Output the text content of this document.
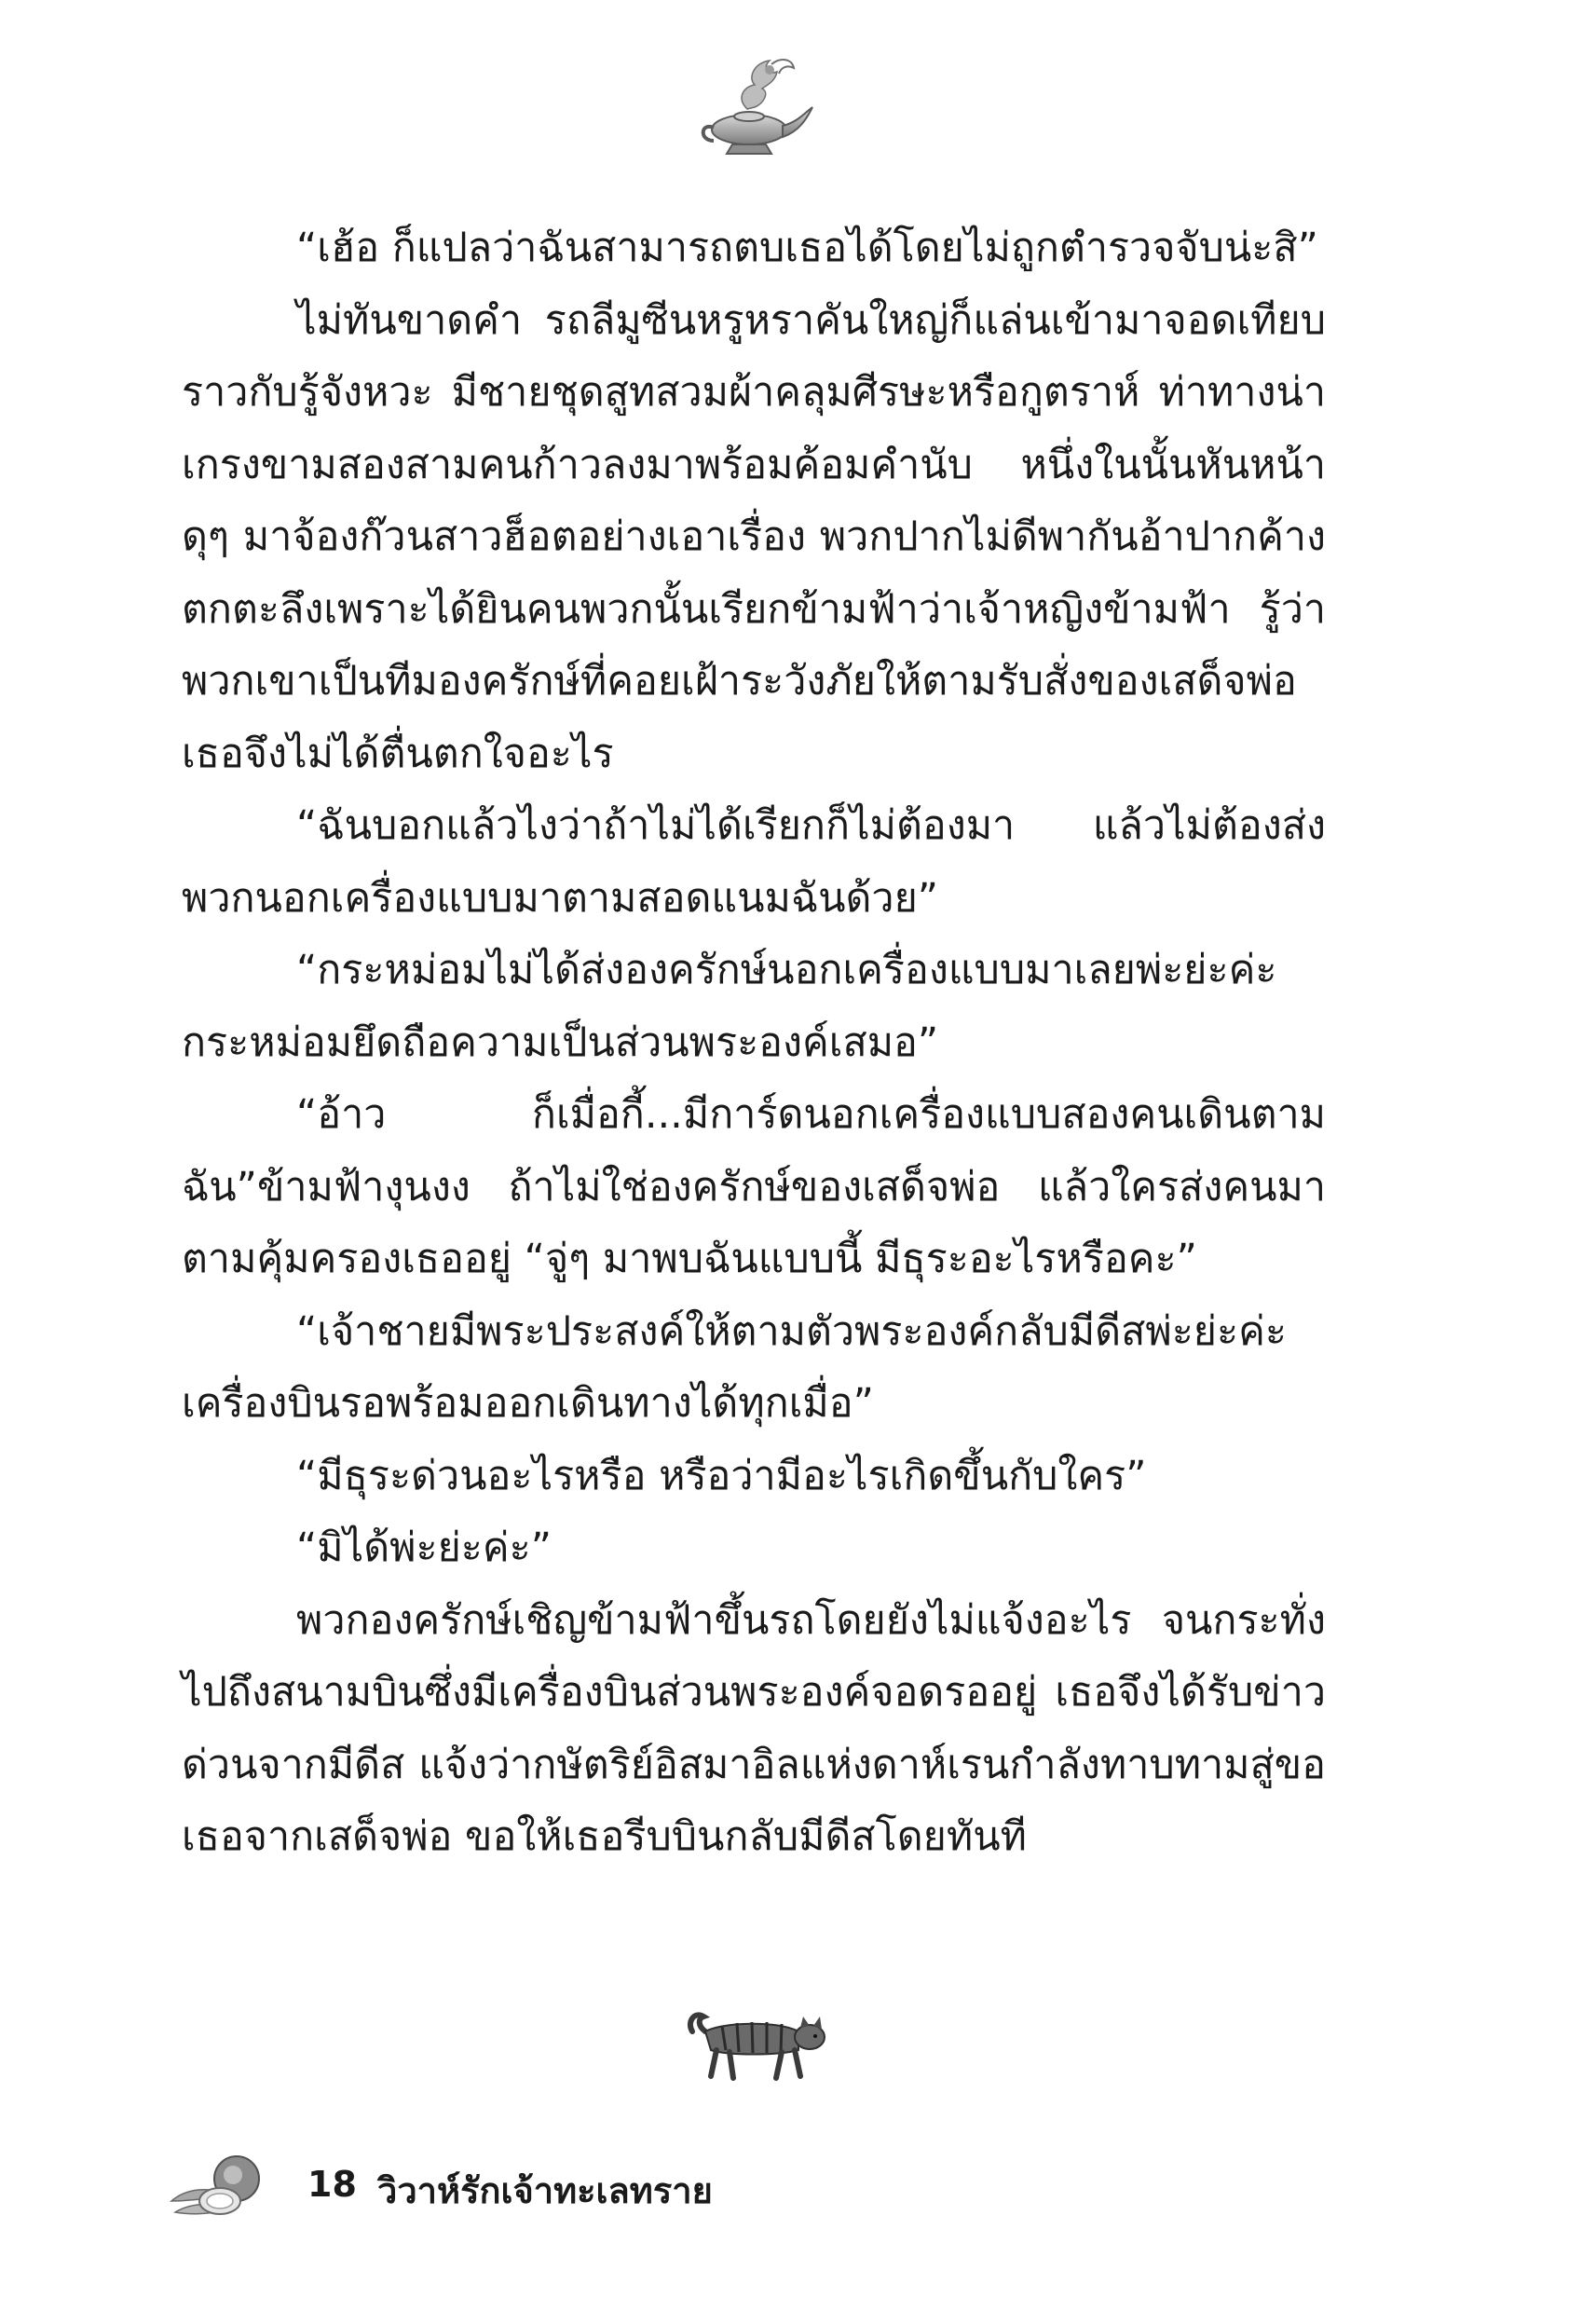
“เฮ้อ ก็แปลว่าฉันสามารถตบเธอได้โดยไม่ถูกตำรวจจับน่ะสิ”

ไม่ทันขาดคำ รถลีมูซีนหรูหราคันใหญ่ก็แล่นเข้ามาจอดเทียบราวกับรู้จังหวะ มีชายชุดสูทสวมผ้าคลุมศีรษะหรือกูตราห์ ท่าทางน่าเกรงขามสองสามคนก้าวลงมาพร้อมค้อมคำนับ หนึ่งในนั้นหันหน้าดุๆ มาจ้องก๊วนสาวฮ็อตอย่างเอาเรื่อง พวกปากไม่ดีพากันอ้าปากค้างตกตะลึงเพราะได้ยินคนพวกนั้นเรียกข้ามฟ้าว่าเจ้าหญิงข้ามฟ้า รู้ว่าพวกเขาเป็นทีมองครักษ์ที่คอยเฝ้าระวังภัยให้ตามรับสั่งของเสด็จพ่อเธอจึงไม่ได้ตื่นตกใจอะไร

“ฉันบอกแล้วไงว่าถ้าไม่ได้เรียกก็ไม่ต้องมา แล้วไม่ต้องส่งพวกนอกเครื่องแบบมาตามสอดแนมฉันด้วย”

“กระหม่อมไม่ได้ส่งองครักษ์นอกเครื่องแบบมาเลยพ่ะย่ะค่ะกระหม่อมยึดถือความเป็นส่วนพระองค์เสมอ”

“อ้าว ก็เมื่อกี้...มีการ์ดนอกเครื่องแบบสองคนเดินตามฉัน”ข้ามฟ้างุนงง ถ้าไม่ใช่องครักษ์ของเสด็จพ่อ แล้วใครส่งคนมาตามคุ้มครองเธออยู่ “จู่ๆ มาพบฉันแบบนี้ มีธุระอะไรหรือคะ”

“เจ้าชายมีพระประสงค์ให้ตามตัวพระองค์กลับมีดีสพ่ะย่ะค่ะเครื่องบินรอพร้อมออกเดินทางได้ทุกเมื่อ”

“มีธุระด่วนอะไรหรือ หรือว่ามีอะไรเกิดขึ้นกับใคร”

“มิได้พ่ะย่ะค่ะ”

พวกองครักษ์เชิญข้ามฟ้าขึ้นรถโดยยังไม่แจ้งอะไร จนกระทั่งไปถึงสนามบินซึ่งมีเครื่องบินส่วนพระองค์จอดรออยู่ เธอจึงได้รับข่าวด่วนจากมีดีส แจ้งว่ากษัตริย์อิสมาอิลแห่งดาห์เรนกำลังทาบทามสู่ขอเธอจากเสด็จพ่อ ขอให้เธอรีบบินกลับมีดีสโดยทันที

18 วิวาห์รักเจ้าทะเลทราย
